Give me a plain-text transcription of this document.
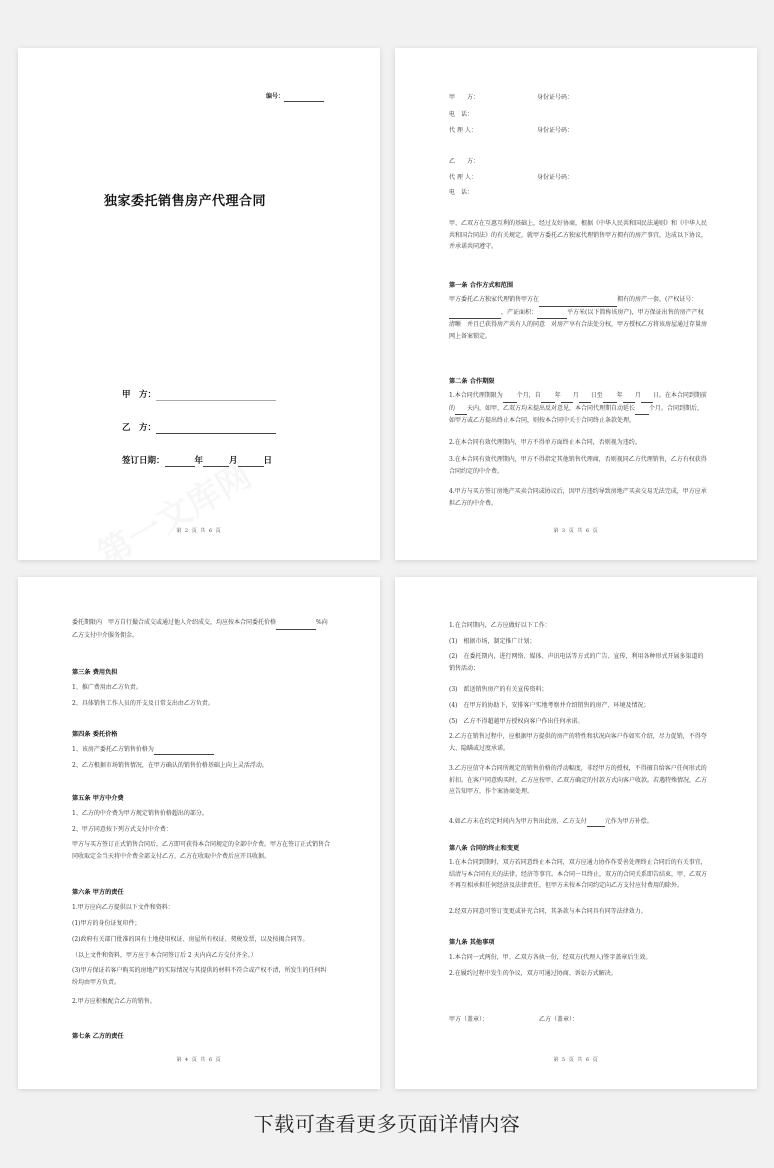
编号：
独家委托销售房产代理合同
甲　方：
乙　方：
签订日期：	年	月	日
第 2 页 共 6 页
甲　　方：	身份证号码：
电　话：
代 理 人：	身份证号码：
乙　　方：
代 理 人：	身份证号码：
电　话：
甲、乙双方在互惠互利的基础上，经过友好协商，根据《中华人民共和国民法通则》和《中华人民共和国合同法》的有关规定，就甲方委托乙方独家代理销售甲方拥有的房产事宜，达成以下协议，并承诺共同遵守。
第一条 合作方式和范围
甲方委托乙方独家代理销售甲方在	拥有的房产一套，(产权证号： ，产证面积：	平方米(以下简称该房产)，甲方保证出售的房产产权清晰　并且已获得房产共有人的同意　对房产享有合法处分权，甲方授权乙方将该房屋通过存量房网上备案锁定。
第二条 合作期限
1.本合同代理期限为 个月，自 年 月 日至 年 月 日。在本合同到期前的 天内，如甲、乙双方均未提出反对意见，本合同代理期自动延长 个月。合同到期后，如甲方或乙方提出终止本合同，则按本合同中关于合同终止条款处理。
2.在本合同有效代理期内，甲方不得单方面终止本合同，否则视为违约。
3.在本合同有效代理期内，甲方不得指定其他销售代理商，否则视同乙方代理销售，乙方有权获得合同约定的中介费。
4.甲方与买方签订房地产买卖合同或协议后，因甲方违约导致房地产买卖交易无法完成，甲方应承担乙方的中介费。
第 3 页 共 6 页
委托期限内　甲方自行撮合成交或通过他人介绍成交，均应按本合同委托价格	%向乙方支付中介服务佣金。
第三条 费用负担
1、推广费用由乙方负责。
2、具体销售工作人员的开支及日常支出由乙方负责。
第四条 委托价格
1、该房产委托乙方销售价格为
2、乙方根据市场销售情况，在甲方确认的销售价格基础上向上灵活浮动。
第五条 甲方中介费
1、乙方的中介费为甲方规定销售价格超出的部分。
2、甲方同意按下列方式支付中介费：
甲方与买方签订正式销售合同后，乙方即可获得本合同规定的全部中介费。甲方在签订正式销售合同收取定金当天将中介费全部支付乙方，乙方在收取中介费后应开具收据。
第六条 甲方的责任
1.甲方应向乙方提供以下文件和资料：
(1)甲方的身份证复印件；
(2)政府有关部门批准的国有土地使用权证、房屋所有权证、契税发票，以及按揭合同等。
（以上文件和资料，甲方应于本合同签订后 2 天内向乙方交付齐全。）
(3)甲方保证若客户购买的房地产的实际情况与其提供的材料不符合或产权不清，所发生的任何纠纷均由甲方负责。
2.甲方应积极配合乙方的销售。
第七条 乙方的责任
第 4 页 共 6 页
1.在合同期内，乙方应做好以下工作：
(1)　根据市场，制定推广计划；
(2)　在委托期内，进行网络、媒体、声讯电话等方式的广告、宣传，利用各种形式开展多渠道的销售活动；
(3)　派送销售房产的有关宣传资料；
(4)　在甲方的协助下，安排客户实地考察并介绍销售的房产、环境及情况；
(5)　乙方不得超越甲方授权向客户作出任何承诺。
2.乙方在销售过程中，应根据甲方提供的房产的特性和状况向客户作如实介绍，尽力促销，不得夸大、隐瞒或过度承诺。
3.乙方应信守本合同所规定的销售价格的浮动幅度，非经甲方的授权，不得擅自给客户任何形式的折扣。在客户同意购买时，乙方应按甲、乙双方确定的付款方式向客户收款。若遇特殊情况，乙方应告知甲方，作个案协商处理。
4.如乙方未在约定时间内为甲方售出此房，乙方支付	元作为甲方补偿。
第八条 合同的终止和变更
1.在本合同到期时，双方若同意终止本合同，双方应通力协作作妥善处理终止合同后的有关事宜，结清与本合同有关的法律、经济等事宜。本合同一旦终止，双方的合同关系即告结束，甲、乙双方不再互相承担任何经济及法律责任，但甲方未按本合同约定向乙方支付应付费用的除外。
2.经双方同意可签订变更或补充合同，其条款与本合同具有同等法律效力。
第九条 其他事项
1.本合同一式两份，甲、乙双方各执一份，经双方(代理人)签字盖章后生效。
2.在履约过程中发生的争议，双方可通过协商、诉讼方式解决。
甲方（盖章）：	乙方（盖章）：
第 5 页 共 6 页
下载可查看更多页面详情内容
